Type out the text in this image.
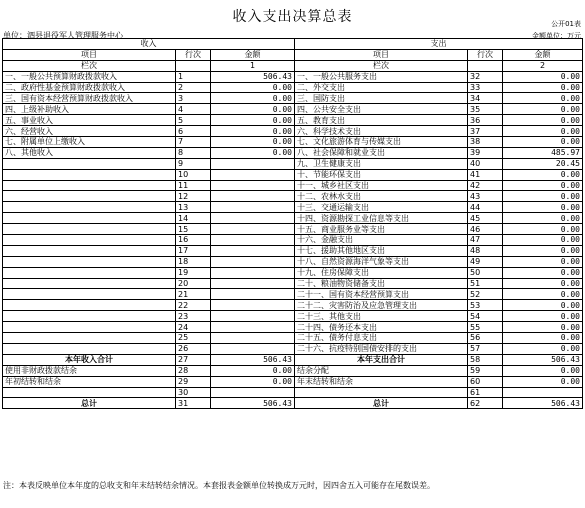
收入支出决算总表	公开01表
单位：泗县退役军人管理服务中心	金额单位：万元
收入			支出		
项目	行次	金额	项目	行次	金额
栏次		1	栏次		2
一、一般公共预算财政拨款收入	1	506.43	一、一般公共服务支出	32	0.00
二、政府性基金预算财政拨款收入	2	0.00	二、外交支出	33	0.00
三、国有资本经营预算财政拨款收入	3	0.00	三、国防支出	34	0.00
四、上级补助收入	4	0.00	四、公共安全支出	35	0.00
五、事业收入	5	0.00	五、教育支出	36	0.00
六、经营收入	6	0.00	六、科学技术支出	37	0.00
七、附属单位上缴收入	7	0.00	七、文化旅游体育与传媒支出	38	0.00
八、其他收入	8	0.00	八、社会保障和就业支出	39	485.97
	9		九、卫生健康支出	40	20.45
	10		十、节能环保支出	41	0.00
	11		十一、城乡社区支出	42	0.00
	12		十二、农林水支出	43	0.00
	13		十三、交通运输支出	44	0.00
	14		十四、资源勘探工业信息等支出	45	0.00
	15		十五、商业服务业等支出	46	0.00
	16		十六、金融支出	47	0.00
	17		十七、援助其他地区支出	48	0.00
	18		十八、自然资源海洋气象等支出	49	0.00
	19		十九、住房保障支出	50	0.00
	20		二十、粮油物资储备支出	51	0.00
	21		二十一、国有资本经营预算支出	52	0.00
	22		二十二、灾害防治及应急管理支出	53	0.00
	23		二十三、其他支出	54	0.00
	24		二十四、债务还本支出	55	0.00
	25		二十五、债务付息支出	56	0.00
	26		二十六、抗疫特别国债安排的支出	57	0.00
本年收入合计	27	506.43	本年支出合计	58	506.43
使用非财政拨款结余	28	0.00	结余分配	59	0.00
年初结转和结余	29	0.00	年末结转和结余	60	0.00
	30			61	
总计	31	506.43	总计	62	506.43
注：本表反映单位本年度的总收支和年末结转结余情况。本套报表金额单位转换成万元时，因四舍五入可能存在尾数误差。
